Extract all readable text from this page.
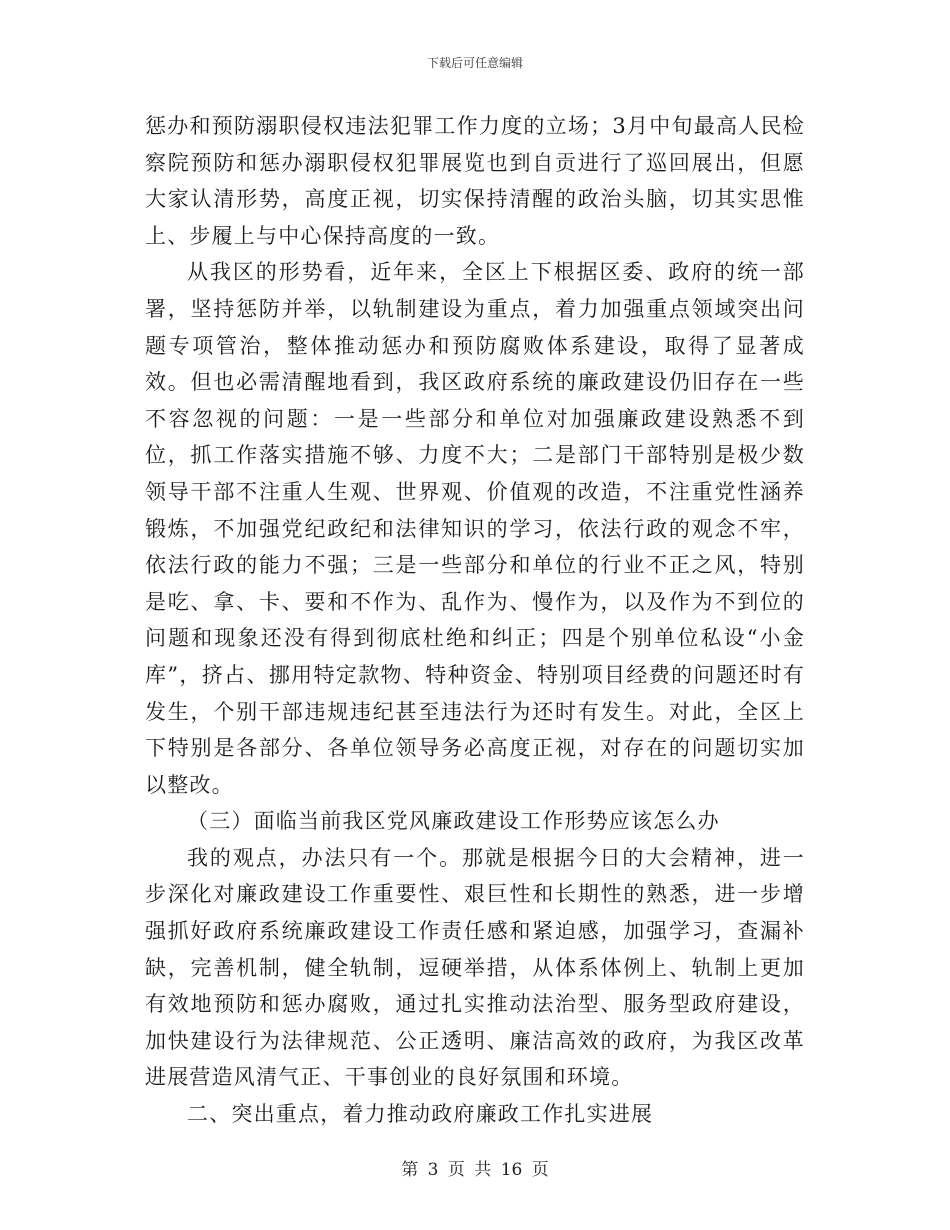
下载后可任意编辑

惩办和预防溺职侵权违法犯罪工作力度的立场；3月中旬最高人民检察院预防和惩办溺职侵权犯罪展览也到自贡进行了巡回展出，但愿大家认清形势，高度正视，切实保持清醒的政治头脑，切其实思惟上、步履上与中心保持高度的一致。

从我区的形势看，近年来，全区上下根据区委、政府的统一部署，坚持惩防并举，以轨制建设为重点，着力加强重点领域突出问题专项管治，整体推动惩办和预防腐败体系建设，取得了显著成效。但也必需清醒地看到，我区政府系统的廉政建设仍旧存在一些不容忽视的问题：一是一些部分和单位对加强廉政建设熟悉不到位，抓工作落实措施不够、力度不大；二是部门干部特别是极少数领导干部不注重人生观、世界观、价值观的改造，不注重党性涵养锻炼，不加强党纪政纪和法律知识的学习，依法行政的观念不牢，依法行政的能力不强；三是一些部分和单位的行业不正之风，特别是吃、拿、卡、要和不作为、乱作为、慢作为，以及作为不到位的问题和现象还没有得到彻底杜绝和纠正；四是个别单位私设“小金库”，挤占、挪用特定款物、特种资金、特别项目经费的问题还时有发生，个别干部违规违纪甚至违法行为还时有发生。对此，全区上下特别是各部分、各单位领导务必高度正视，对存在的问题切实加以整改。

（三）面临当前我区党风廉政建设工作形势应该怎么办

我的观点，办法只有一个。那就是根据今日的大会精神，进一步深化对廉政建设工作重要性、艰巨性和长期性的熟悉，进一步增强抓好政府系统廉政建设工作责任感和紧迫感，加强学习，查漏补缺，完善机制，健全轨制，逗硬举措，从体系体例上、轨制上更加有效地预防和惩办腐败，通过扎实推动法治型、服务型政府建设，加快建设行为法律规范、公正透明、廉洁高效的政府，为我区改革进展营造风清气正、干事创业的良好氛围和环境。

二、突出重点，着力推动政府廉政工作扎实进展

第 3 页 共 16 页
